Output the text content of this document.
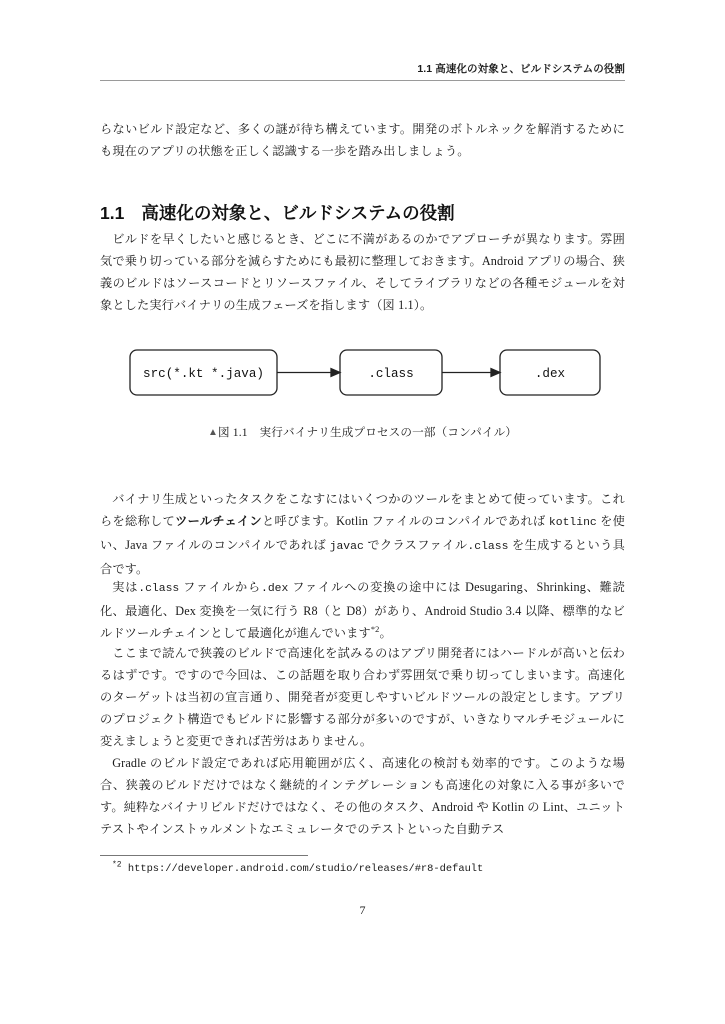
1.1 高速化の対象と、ビルドシステムの役割

らないビルド設定など、多くの謎が待ち構えています。開発のボトルネックを解消するためにも現在のアプリの状態を正しく認識する一歩を踏み出しましょう。

1.1 高速化の対象と、ビルドシステムの役割

ビルドを早くしたいと感じるとき、どこに不満があるのかでアプローチが異なります。雰囲気で乗り切っている部分を減らすためにも最初に整理しておきます。Android アプリの場合、狭義のビルドはソースコードとリソースファイル、そしてライブラリなどの各種モジュールを対象とした実行バイナリの生成フェーズを指します（図 1.1）。

src(*.kt *.java)	.class	.dex
▲図 1.1　 実行バイナリ生成プロセスの一部（コンパイル）

バイナリ生成といったタスクをこなすにはいくつかのツールをまとめて使っています。これらを総称してツールチェインと呼びます。Kotlin ファイルのコンパイルであれば kotlinc を使い、Java ファイルのコンパイルであれば javac でクラスファイル.class を生成するという具合です。

実は.class ファイルから.dex ファイルへの変換の途中には Desugaring、Shrinking、難読化、最適化、Dex 変換を一気に行う R8（と D8）があり、Android Studio 3.4 以降、標準的なビルドツールチェインとして最適化が進んでいます$^{*2}$。

ここまで読んで狭義のビルドで高速化を試みるのはアプリ開発者にはハードルが高いと伝わるはずです。ですので今回は、この話題を取り合わず雰囲気で乗り切ってしまいます。高速化のターゲットは当初の宣言通り、開発者が変更しやすいビルドツールの設定とします。アプリのプロジェクト構造でもビルドに影響する部分が多いのですが、いきなりマルチモジュールに変えましょうと変更できれば苦労はありません。

Gradle のビルド設定であれば応用範囲が広く、高速化の検討も効率的です。このような場合、狭義のビルドだけではなく継続的インテグレーションも高速化の対象に入る事が多いです。純粋なバイナリビルドだけではなく、その他のタスク、Android や Kotlin の Lint、ユニットテストやインストゥルメントなエミュレータでのテストといった自動テス

$^{*2}$ https://developer.android.com/studio/releases/#r8-default
7
